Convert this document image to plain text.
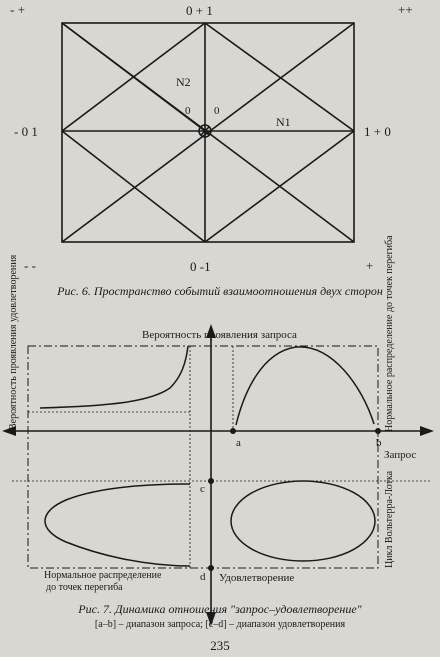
- +	++
- -	+
0 + 1
0 -1
- 0 1	1 + 0
N1
N2
0 0
Вероятность проявления запроса
Запрос
a	b
c
d
Нормальное распределение
до точек перегиба
Удовлетворение
Вероятность проявления удовлетворения	Нормальное распределение до точек перегиба
Цикл Вольтерра-Лотка
Рис. 6. Пространство событий взаимоотношения двух сторон
Рис. 7. Динамика отношения "запрос–удовлетворение"
[a–b] – диапазон запроса; [c–d] – диапазон удовлетворения
235
